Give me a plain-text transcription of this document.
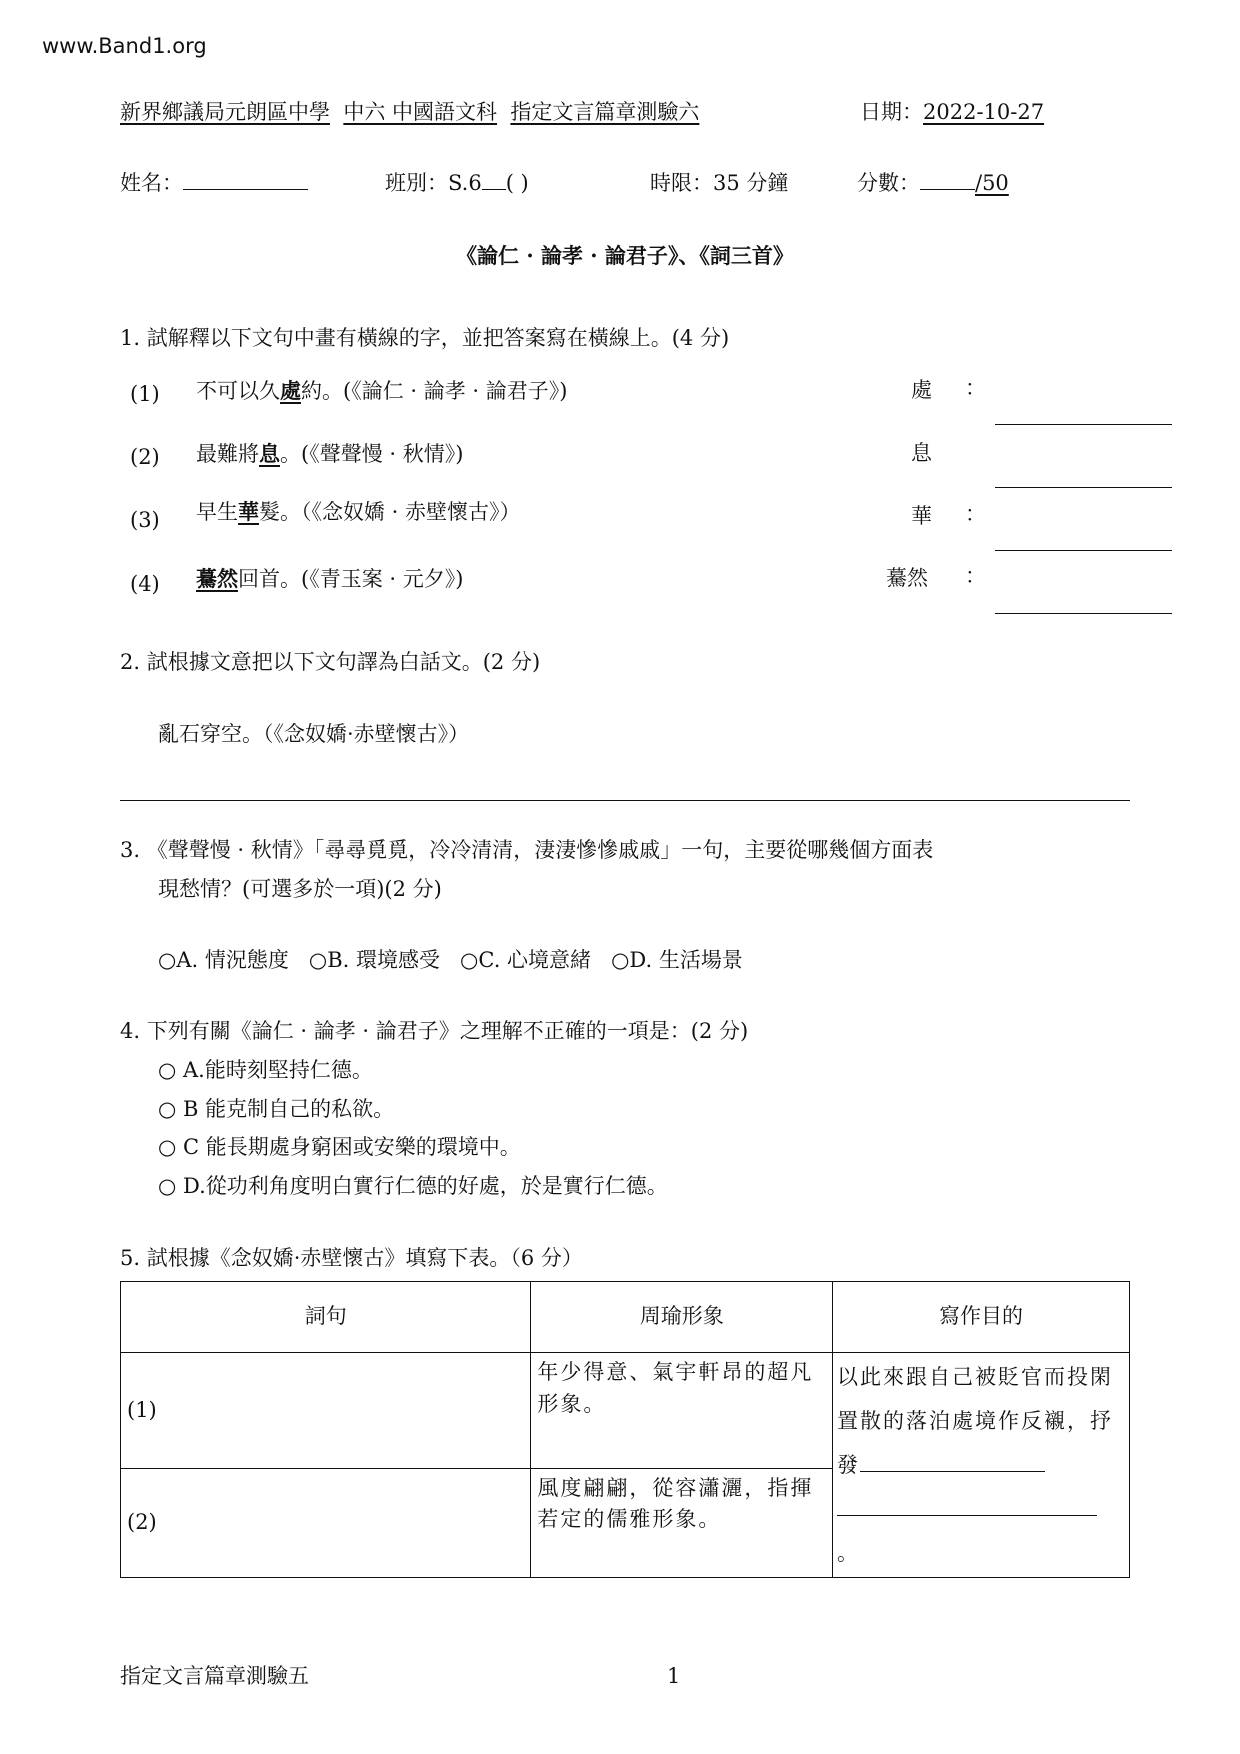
www.Band1.org
新界鄉議局元朗區中學 中六 中國語文科 指定文言篇章測驗六	日期：2022-10-27
姓名：	班別：S.6 ( )	時限：35 分鐘	分數：	/50
《論仁 · 論孝 · 論君子》、《詞三首》
1. 試解釋以下文句中畫有橫線的字，並把答案寫在橫線上。(4 分)
(1) 不可以久處約。(《論仁 · 論孝 · 論君子》)	處 ：
(2) 最難將息。(《聲聲慢 · 秋情》)	息
(3) 早生華髮。（《念奴嬌 · 赤壁懷古》）	華 ：
(4) 驀然回首。(《青玉案 · 元夕》)	驀然 ：
2. 試根據文意把以下文句譯為白話文。(2 分)
亂石穿空。（《念奴嬌·赤壁懷古》）
3. 《聲聲慢 · 秋情》「尋尋覓覓，冷冷清清，淒淒慘慘戚戚」一句，主要從哪幾個方面表
現愁情？(可選多於一項)(2 分)
○A. 情況態度 ○B. 環境感受 ○C. 心境意緒 ○D. 生活場景
4. 下列有關《論仁 · 論孝 · 論君子》之理解不正確的一項是：(2 分)
○ A.能時刻堅持仁德。
○ B 能克制自己的私欲。
○ C 能長期處身窮困或安樂的環境中。
○ D.從功利角度明白實行仁德的好處，於是實行仁德。
5. 試根據《念奴嬌·赤壁懷古》填寫下表。（6 分）
詞句	周瑜形象	寫作目的
(1)	年少得意、氣宇軒昂的超凡形象。	以此來跟自己被貶官而投閑置散的落泊處境作反襯，抒發
。
(2)	風度翩翩，從容瀟灑，指揮若定的儒雅形象。	
指定文言篇章測驗五	1
